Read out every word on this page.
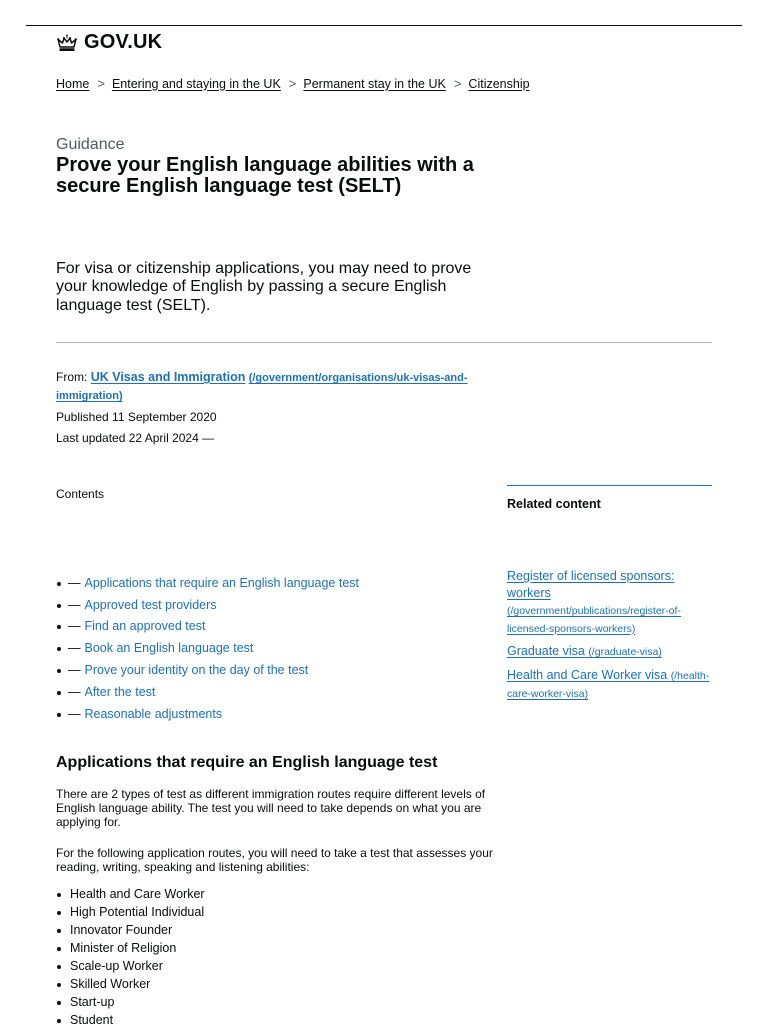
GOV.UK
Home > Entering and staying in the UK > Permanent stay in the UK > Citizenship
Guidance
Prove your English language abilities with a secure English language test (SELT)

For visa or citizenship applications, you may need to prove your knowledge of English by passing a secure English language test (SELT).

From: UK Visas and Immigration (/government/organisations/uk-visas-and-immigration)
Published 11 September 2020
Last updated 22 April 2024 —
Contents
— Applications that require an English language test
— Approved test providers
— Find an approved test
— Book an English language test
— Prove your identity on the day of the test
— After the test
— Reasonable adjustments
Related content
Register of licensed sponsors: workers (/government/publications/register-of-licensed-sponsors-workers)
Graduate visa (/graduate-visa)
Health and Care Worker visa (/health-care-worker-visa)
Applications that require an English language test

There are 2 types of test as different immigration routes require different levels of English language ability. The test you will need to take depends on what you are applying for.

For the following application routes, you will need to take a test that assesses your reading, writing, speaking and listening abilities:

Health and Care Worker
High Potential Individual
Innovator Founder
Minister of Religion
Scale-up Worker
Skilled Worker
Start-up
Student
